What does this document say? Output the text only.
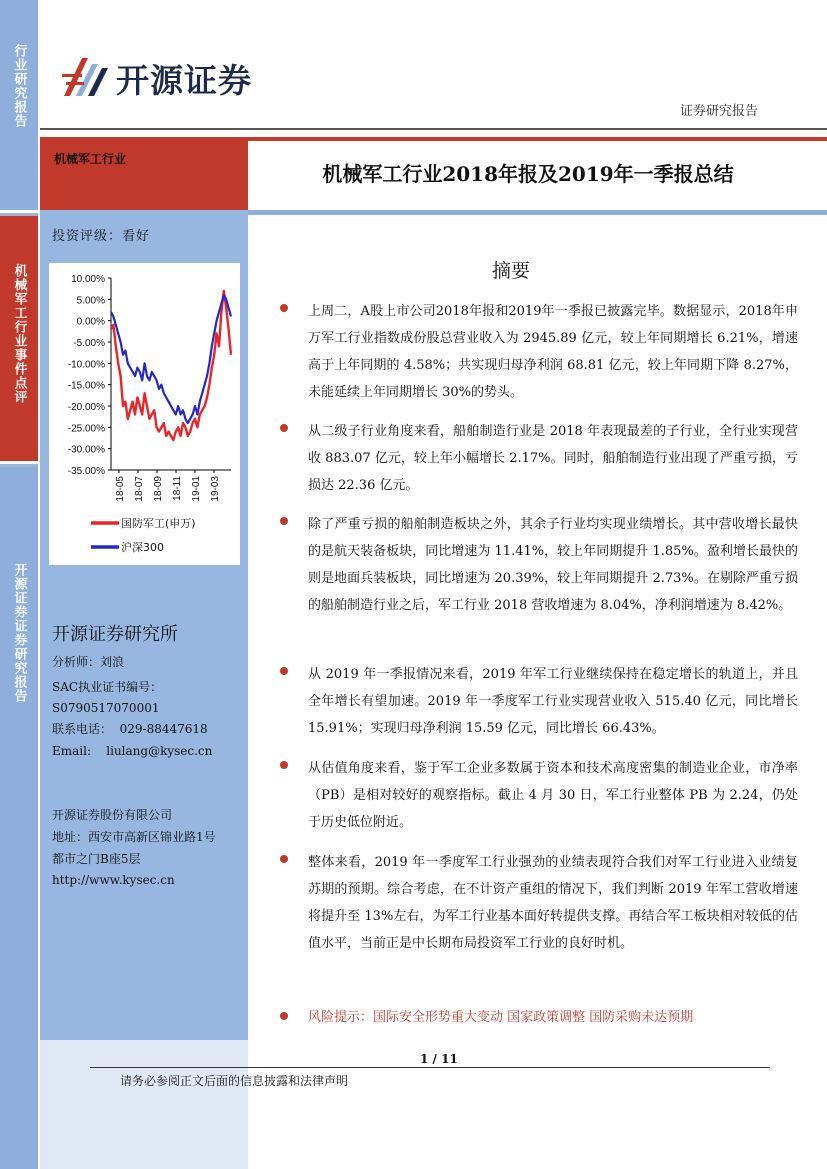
行业研究报告
机械军工行业事件点评
开源证券证券研究报告
开源证券
证券研究报告
机械军工行业
机械军工行业2018年报及2019年一季报总结
投资评级：看好
10.00%
5.00%
0.00%
-5.00%
-10.00%
-15.00%
-20.00%
-25.00%
-30.00%
-35.00%
18-05 18-07 18-09 18-11 19-01 19-03
国防军工(申万)
沪深300
开源证券研究所
分析师：刘浪
SAC执业证书编号：
S0790517070001
联系电话：  029-88447618
Email:    liulang@kysec.cn
开源证券股份有限公司
地址：西安市高新区锦业路1号
都市之门B座5层
http://www.kysec.cn
摘要
上周二，A股上市公司2018年报和2019年一季报已披露完毕。数据显示，2018年申万军工行业指数成份股总营业收入为 2945.89 亿元，较上年同期增长 6.21%，增速高于上年同期的 4.58%；共实现归母净利润 68.81 亿元，较上年同期下降 8.27%，未能延续上年同期增长 30%的势头。
从二级子行业角度来看，船舶制造行业是 2018 年表现最差的子行业，全行业实现营收 883.07 亿元，较上年小幅增长 2.17%。同时，船舶制造行业出现了严重亏损，亏损达 22.36 亿元。
除了严重亏损的船舶制造板块之外，其余子行业均实现业绩增长。其中营收增长最快的是航天装备板块，同比增速为 11.41%，较上年同期提升 1.85%。盈利增长最快的则是地面兵装板块，同比增速为 20.39%，较上年同期提升 2.73%。在剔除严重亏损的船舶制造行业之后，军工行业 2018 营收增速为 8.04%，净利润增速为 8.42%。
从 2019 年一季报情况来看，2019 年军工行业继续保持在稳定增长的轨道上，并且全年增长有望加速。2019 年一季度军工行业实现营业收入 515.40 亿元，同比增长 15.91%；实现归母净利润 15.59 亿元，同比增长 66.43%。
从估值角度来看，鉴于军工企业多数属于资本和技术高度密集的制造业企业，市净率（PB）是相对较好的观察指标。截止 4 月 30 日，军工行业整体 PB 为 2.24，仍处于历史低位附近。
整体来看，2019 年一季度军工行业强劲的业绩表现符合我们对军工行业进入业绩复苏期的预期。综合考虑，在不计资产重组的情况下，我们判断 2019 年军工营收增速将提升至 13%左右，为军工行业基本面好转提供支撑。再结合军工板块相对较低的估值水平，当前正是中长期布局投资军工行业的良好时机。
风险提示：国际安全形势重大变动 国家政策调整 国防采购未达预期
1 / 11
请务必参阅正文后面的信息披露和法律声明
